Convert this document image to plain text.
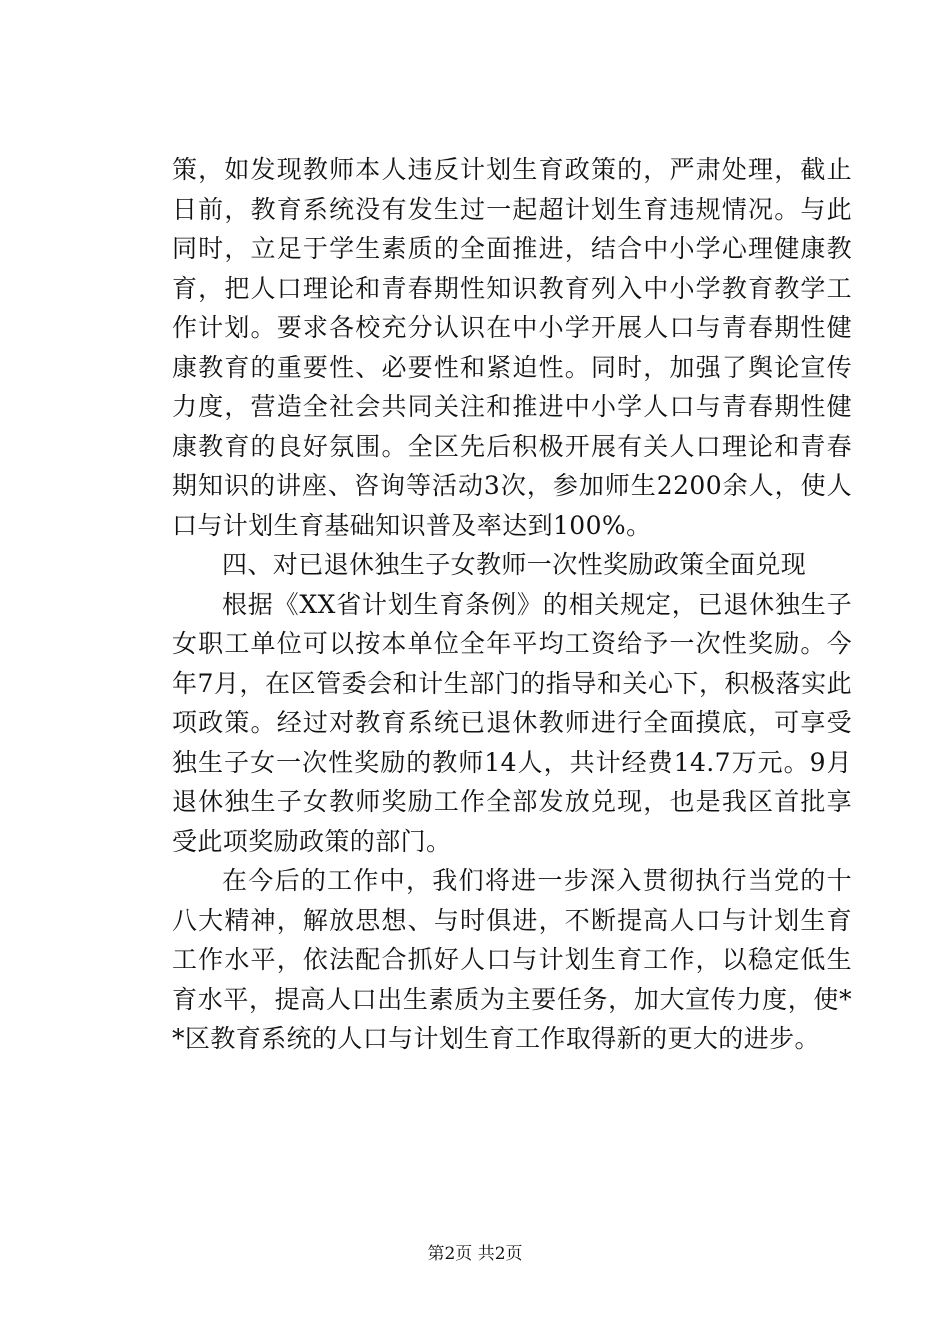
策，如发现教师本人违反计划生育政策的，严肃处理，截止日前，教育系统没有发生过一起超计划生育违规情况。与此同时，立足于学生素质的全面推进，结合中小学心理健康教育，把人口理论和青春期性知识教育列入中小学教育教学工作计划。要求各校充分认识在中小学开展人口与青春期性健康教育的重要性、必要性和紧迫性。同时，加强了舆论宣传力度，营造全社会共同关注和推进中小学人口与青春期性健康教育的良好氛围。全区先后积极开展有关人口理论和青春期知识的讲座、咨询等活动3次，参加师生2200余人，使人口与计划生育基础知识普及率达到100%。

四、对已退休独生子女教师一次性奖励政策全面兑现

根据《XX省计划生育条例》的相关规定，已退休独生子女职工单位可以按本单位全年平均工资给予一次性奖励。今年7月，在区管委会和计生部门的指导和关心下，积极落实此项政策。经过对教育系统已退休教师进行全面摸底，可享受独生子女一次性奖励的教师14人，共计经费14.7万元。9月退休独生子女教师奖励工作全部发放兑现，也是我区首批享受此项奖励政策的部门。

在今后的工作中，我们将进一步深入贯彻执行当党的十八大精神，解放思想、与时俱进，不断提高人口与计划生育工作水平，依法配合抓好人口与计划生育工作，以稳定低生育水平，提高人口出生素质为主要任务，加大宣传力度，使**区教育系统的人口与计划生育工作取得新的更大的进步。

第2页 共2页
